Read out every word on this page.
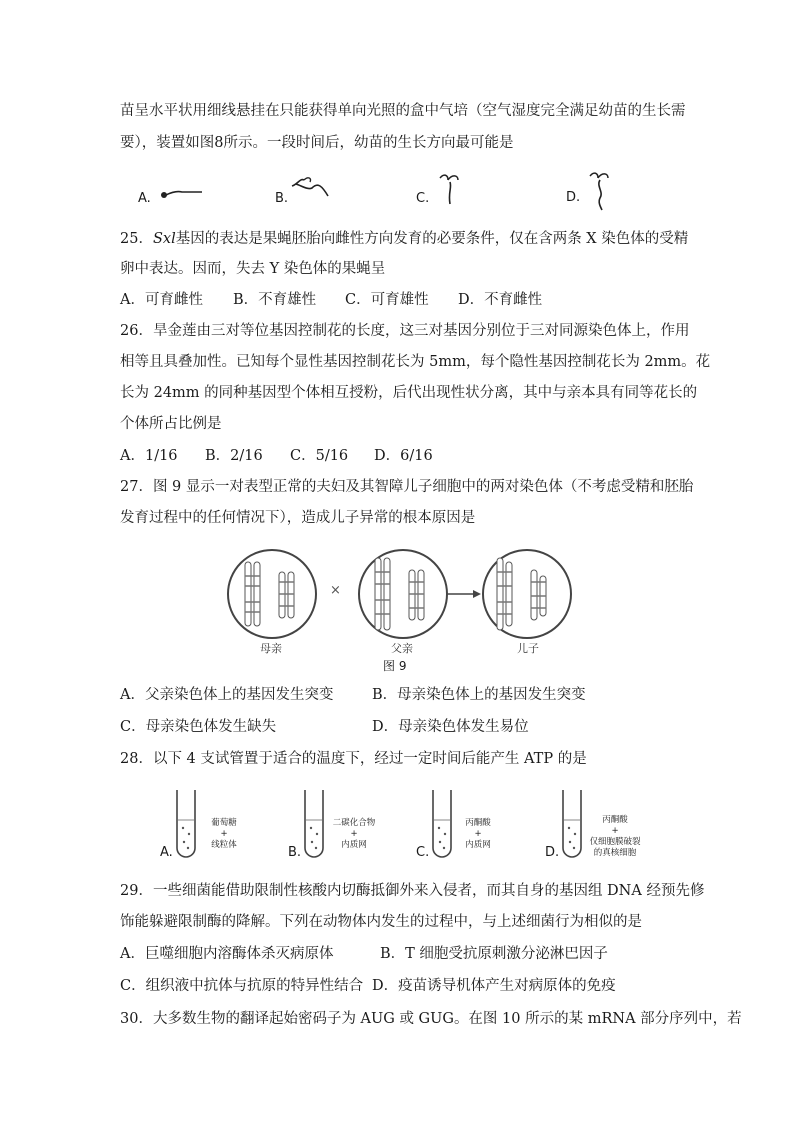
苗呈水平状用细线悬挂在只能获得单向光照的盒中气培（空气湿度完全满足幼苗的生长需
要），装置如图8所示。一段时间后，幼苗的生长方向最可能是
A.	B.	C.	D.
25．Sxl基因的表达是果蝇胚胎向雌性方向发育的必要条件，仅在含两条 X 染色体的受精
卵中表达。因而，失去 Y 染色体的果蝇呈
A．可育雌性 B．不育雄性 C．可育雄性 D．不育雌性
26．旱金莲由三对等位基因控制花的长度，这三对基因分别位于三对同源染色体上，作用
相等且具叠加性。已知每个显性基因控制花长为 5mm，每个隐性基因控制花长为 2mm。花
长为 24mm 的同种基因型个体相互授粉，后代出现性状分离，其中与亲本具有同等花长的
个体所占比例是
A．1/16 B．2/16 C．5/16 D．6/16
27．图 9 显示一对表型正常的夫妇及其智障儿子细胞中的两对染色体（不考虑受精和胚胎
发育过程中的任何情况下），造成儿子异常的根本原因是
×
母亲	父亲	儿子
图 9
A．父亲染色体上的基因发生突变	B．母亲染色体上的基因发生突变
C．母亲染色体发生缺失	D．母亲染色体发生易位
28．以下 4 支试管置于适合的温度下，经过一定时间后能产生 ATP 的是
A.
葡萄糖
+
线粒体	B.
二碳化合物
+
内质网	C.
丙酮酸
+
内质网	D.
丙酮酸
+
仅细胞膜破裂
的真核细胞
29．一些细菌能借助限制性核酸内切酶抵御外来入侵者，而其自身的基因组 DNA 经预先修
饰能躲避限制酶的降解。下列在动物体内发生的过程中，与上述细菌行为相似的是
A．巨噬细胞内溶酶体杀灭病原体	B．T 细胞受抗原刺激分泌淋巴因子
C．组织液中抗体与抗原的特异性结合 D．疫苗诱导机体产生对病原体的免疫
30．大多数生物的翻译起始密码子为 AUG 或 GUG。在图 10 所示的某 mRNA 部分序列中，若
